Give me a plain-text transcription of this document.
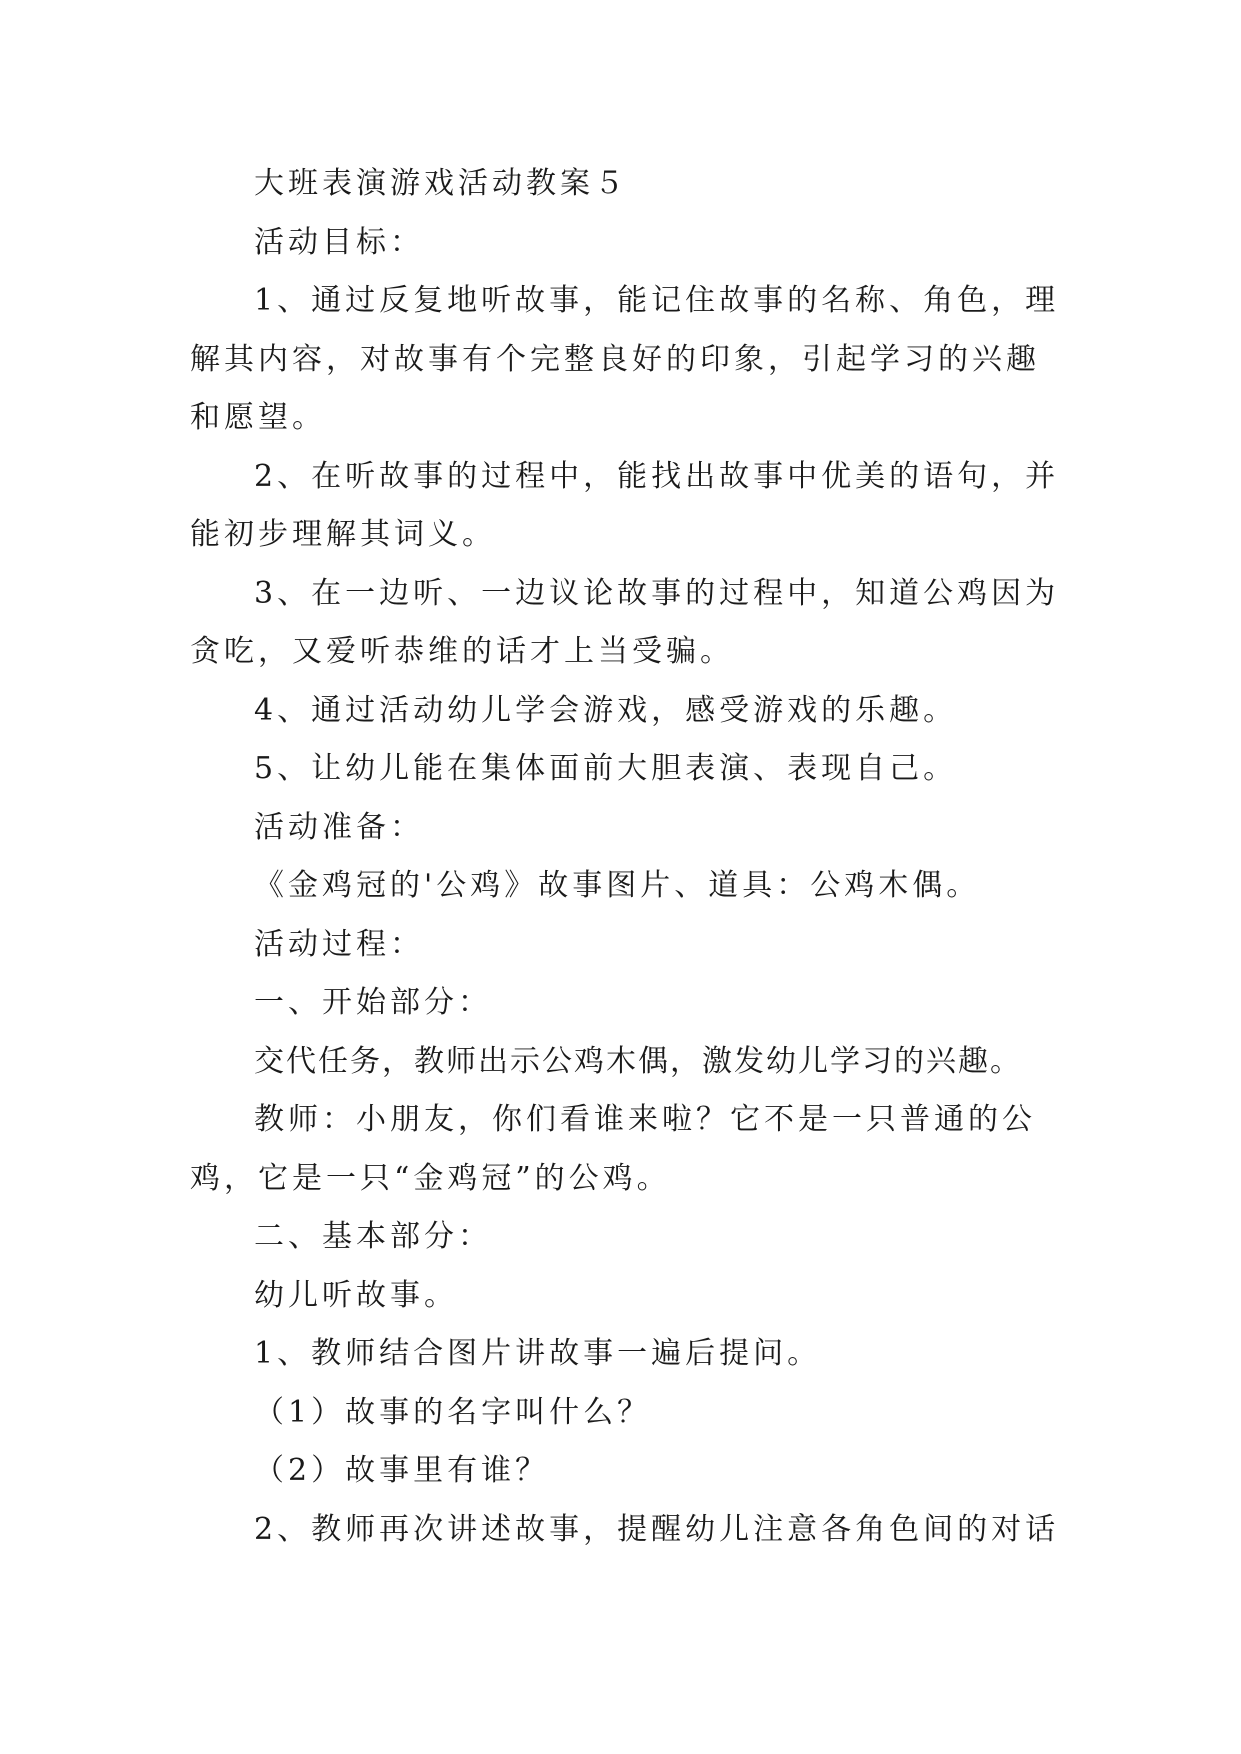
大班表演游戏活动教案５

活动目标：

1、通过反复地听故事，能记住故事的名称、角色，理解其内容，对故事有个完整良好的印象，引起学习的兴趣和愿望。

2、在听故事的过程中，能找出故事中优美的语句，并能初步理解其词义。

3、在一边听、一边议论故事的过程中，知道公鸡因为贪吃，又爱听恭维的话才上当受骗。

4、通过活动幼儿学会游戏，感受游戏的乐趣。

5、让幼儿能在集体面前大胆表演、表现自己。

活动准备：

《金鸡冠的'公鸡》故事图片、道具：公鸡木偶。

活动过程：

一、开始部分：

交代任务，教师出示公鸡木偶，激发幼儿学习的兴趣。

教师：小朋友，你们看谁来啦？它不是一只普通的公鸡，它是一只“金鸡冠”的公鸡。

二、基本部分：

幼儿听故事。

1、教师结合图片讲故事一遍后提问。

（1）故事的名字叫什么？

（2）故事里有谁？

2、教师再次讲述故事，提醒幼儿注意各角色间的对话
